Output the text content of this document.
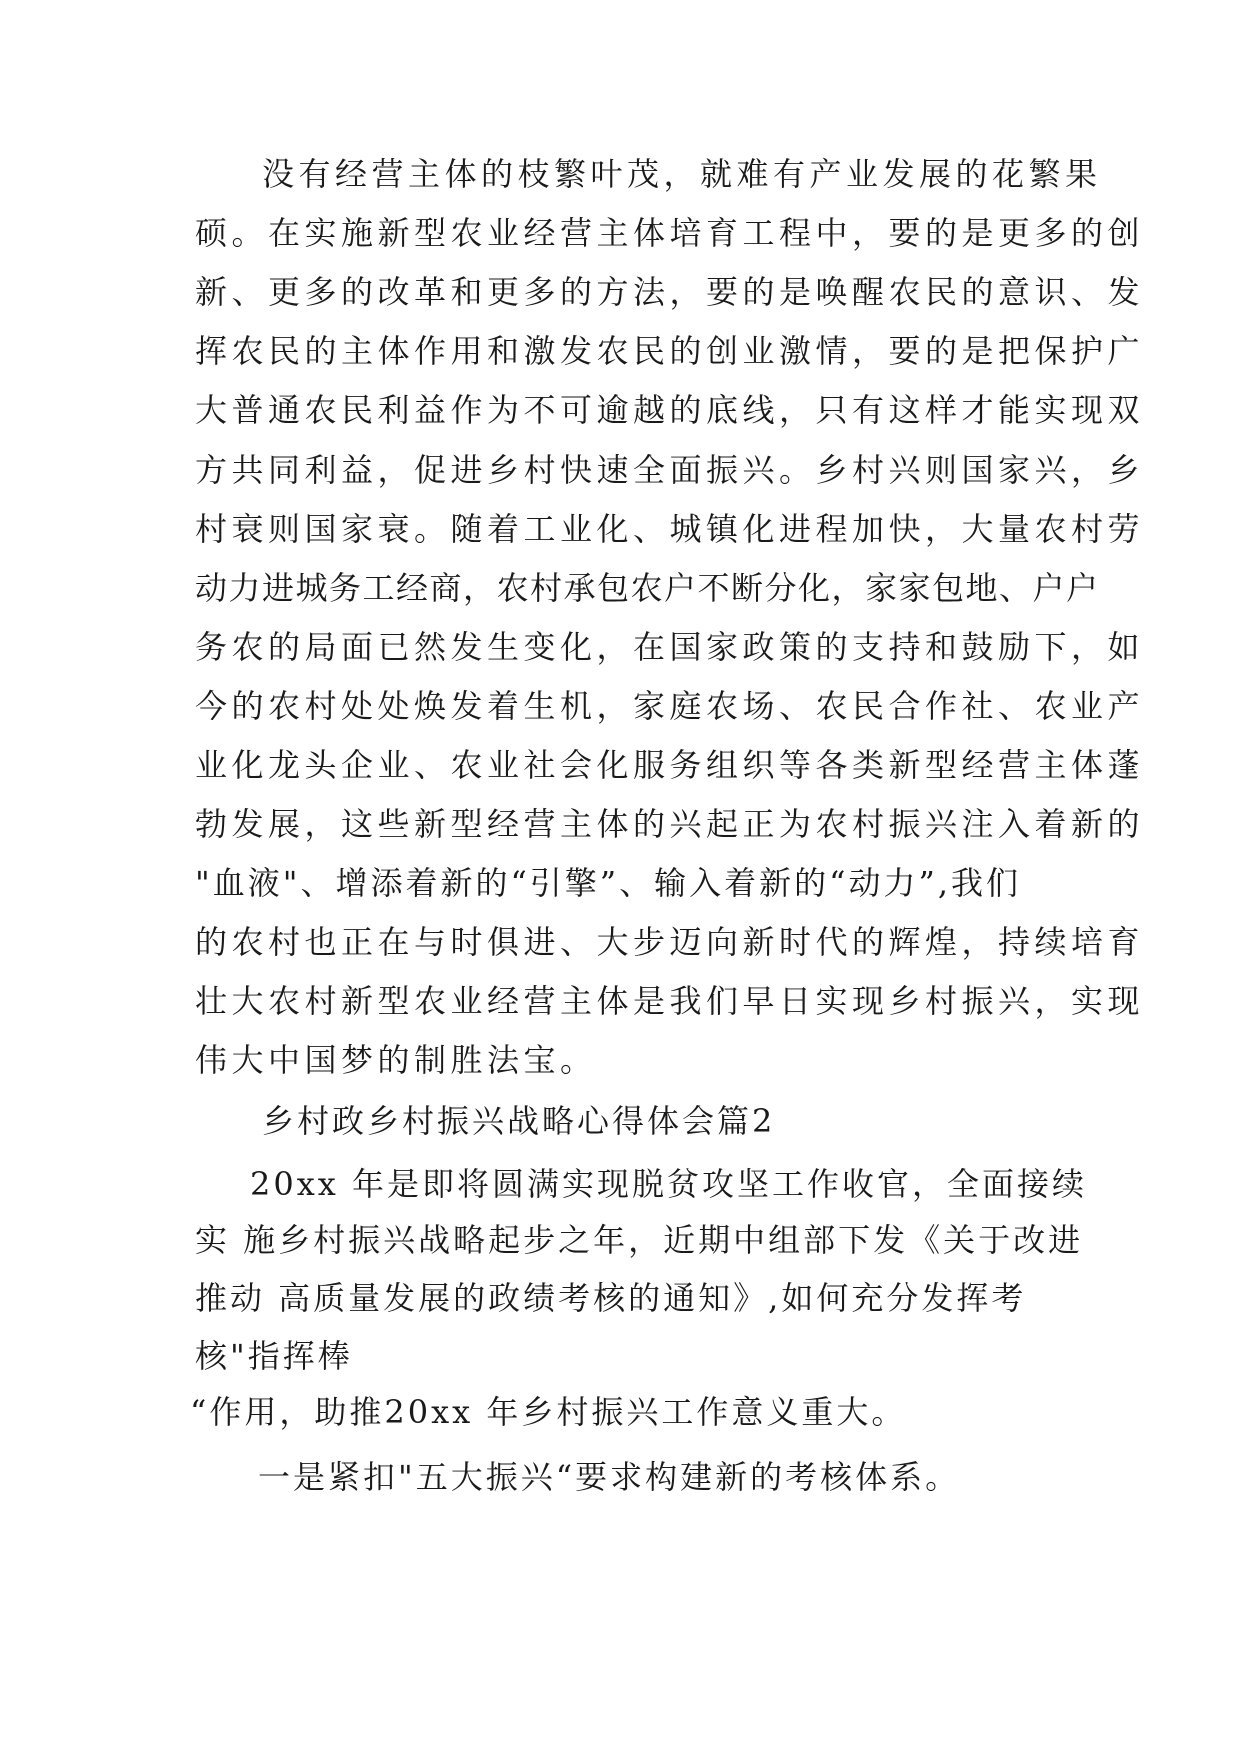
没有经营主体的枝繁叶茂，就难有产业发展的花繁果
硕。在实施新型农业经营主体培育工程中，要的是更多的创
新、更多的改革和更多的方法，要的是唤醒农民的意识、发
挥农民的主体作用和激发农民的创业激情，要的是把保护广
大普通农民利益作为不可逾越的底线，只有这样才能实现双
方共同利益，促进乡村快速全面振兴。乡村兴则国家兴，乡
村衰则国家衰。随着工业化、城镇化进程加快，大量农村劳
动力进城务工经商，农村承包农户不断分化，家家包地、户户
务农的局面已然发生变化，在国家政策的支持和鼓励下，如
今的农村处处焕发着生机，家庭农场、农民合作社、农业产
业化龙头企业、农业社会化服务组织等各类新型经营主体蓬
勃发展，这些新型经营主体的兴起正为农村振兴注入着新的
"血液"、增添着新的“引擎”、输入着新的“动力”,我们
的农村也正在与时俱进、大步迈向新时代的辉煌，持续培育
壮大农村新型农业经营主体是我们早日实现乡村振兴，实现
伟大中国梦的制胜法宝。
乡村政乡村振兴战略心得体会篇2
20xx 年是即将圆满实现脱贫攻坚工作收官，全面接续
实 施乡村振兴战略起步之年，近期中组部下发《关于改进
推动 高质量发展的政绩考核的通知》,如何充分发挥考
核"指挥棒
“作用，助推20xx 年乡村振兴工作意义重大。
一是紧扣"五大振兴“要求构建新的考核体系。
